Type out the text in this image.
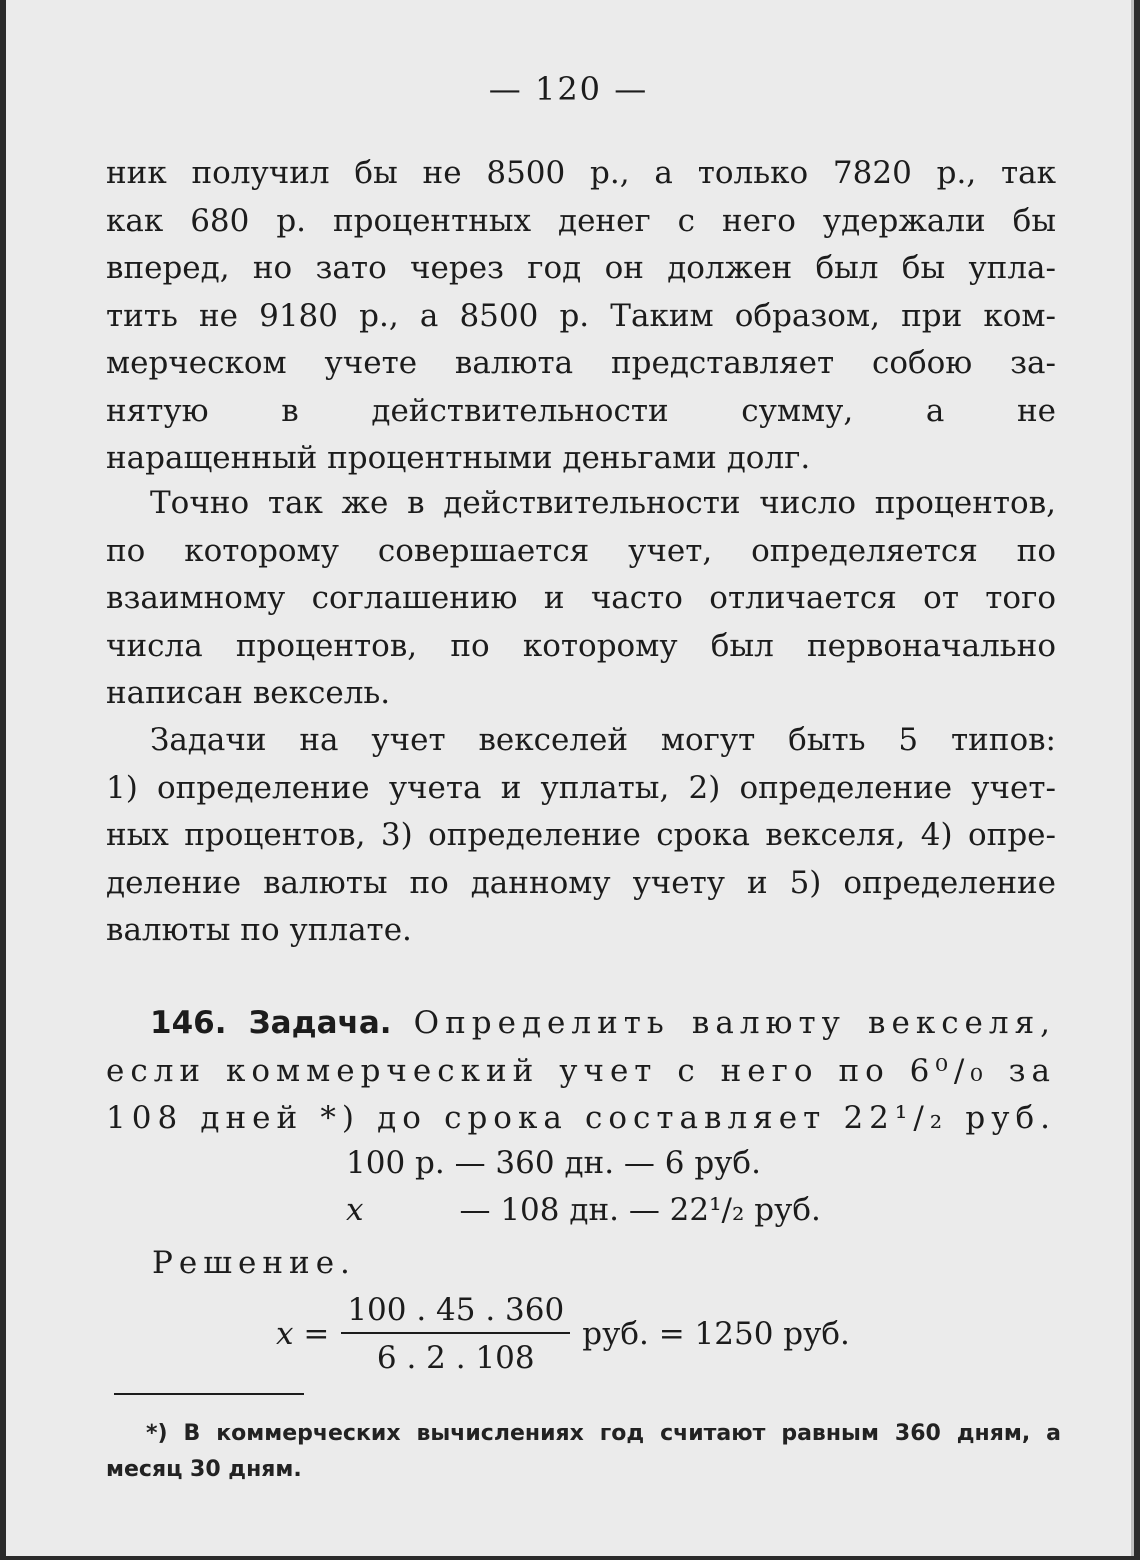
— 120 —
ник получил бы не 8500 р., а только 7820 р., так
как 680 р. процентных денег с него удержали бы
вперед, но зато через год он должен был бы упла-
тить не 9180 р., а 8500 р. Таким образом, при ком-
мерческом учете валюта представляет собою за-
нятую в действительности сумму, а не
наращенный процентными деньгами долг.
Точно так же в действительности число процентов,
по которому совершается учет, определяется по
взаимному соглашению и часто отличается от того
числа процентов, по которому был первоначально
написан вексель.
Задачи на учет векселей могут быть 5 типов:
1) определение учета и уплаты, 2) определение учет-
ных процентов, 3) определение срока векселя, 4) опре-
деление валюты по данному учету и 5) определение
валюты по уплате.
146. Задача. Определить валюту векселя,
если коммерческий учет с него по 6⁰/₀ за
108 дней *) до срока составляет 22¹/₂ руб.
100 р. — 360 дн. — 6 руб.
x	— 108 дн. — 22¹/₂ руб.
Решение.
$x = \frac{100 . 45 . 360}{6 . 2 . 108}$ руб. = 1250 руб.
*) В коммерческих вычислениях год считают равным 360 дням, а
месяц 30 дням.
